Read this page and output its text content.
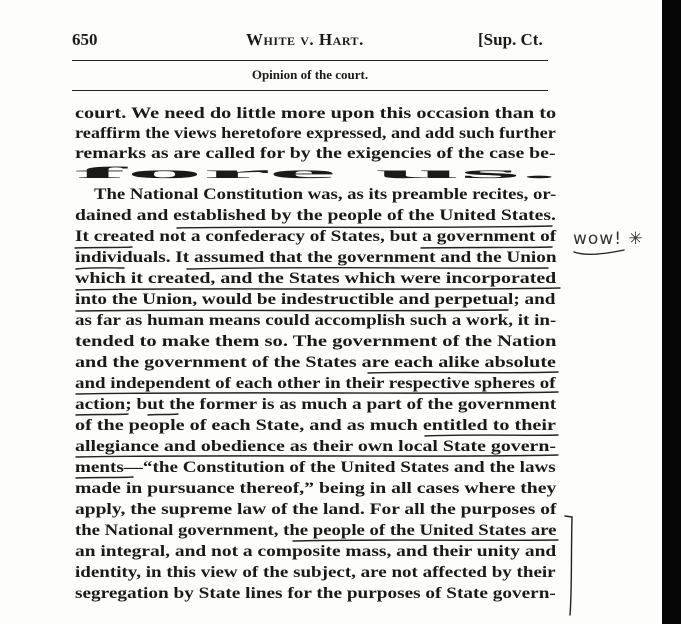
650	White v. Hart.	[Sup. Ct.
Opinion of the court.
court. We need do little more upon this occasion than to
reaffirm the views heretofore expressed, and add such further
remarks as are called for by the exigencies of the case be-
fore us.
The National Constitution was, as its preamble recites, or-
dained and established by the people of the United States.
It created not a confederacy of States, but a government of
individuals. It assumed that the government and the Union
which it created, and the States which were incorporated
into the Union, would be indestructible and perpetual; and
as far as human means could accomplish such a work, it in-
tended to make them so. The government of the Nation
and the government of the States are each alike absolute
and independent of each other in their respective spheres of
action; but the former is as much a part of the government
of the people of each State, and as much entitled to their
allegiance and obedience as their own local State govern-
ments—“the Constitution of the United States and the laws
made in pursuance thereof,” being in all cases where they
apply, the supreme law of the land. For all the purposes of
the National government, the people of the United States are
an integral, and not a composite mass, and their unity and
identity, in this view of the subject, are not affected by their
segregation by State lines for the purposes of State govern-
wow! ✳
